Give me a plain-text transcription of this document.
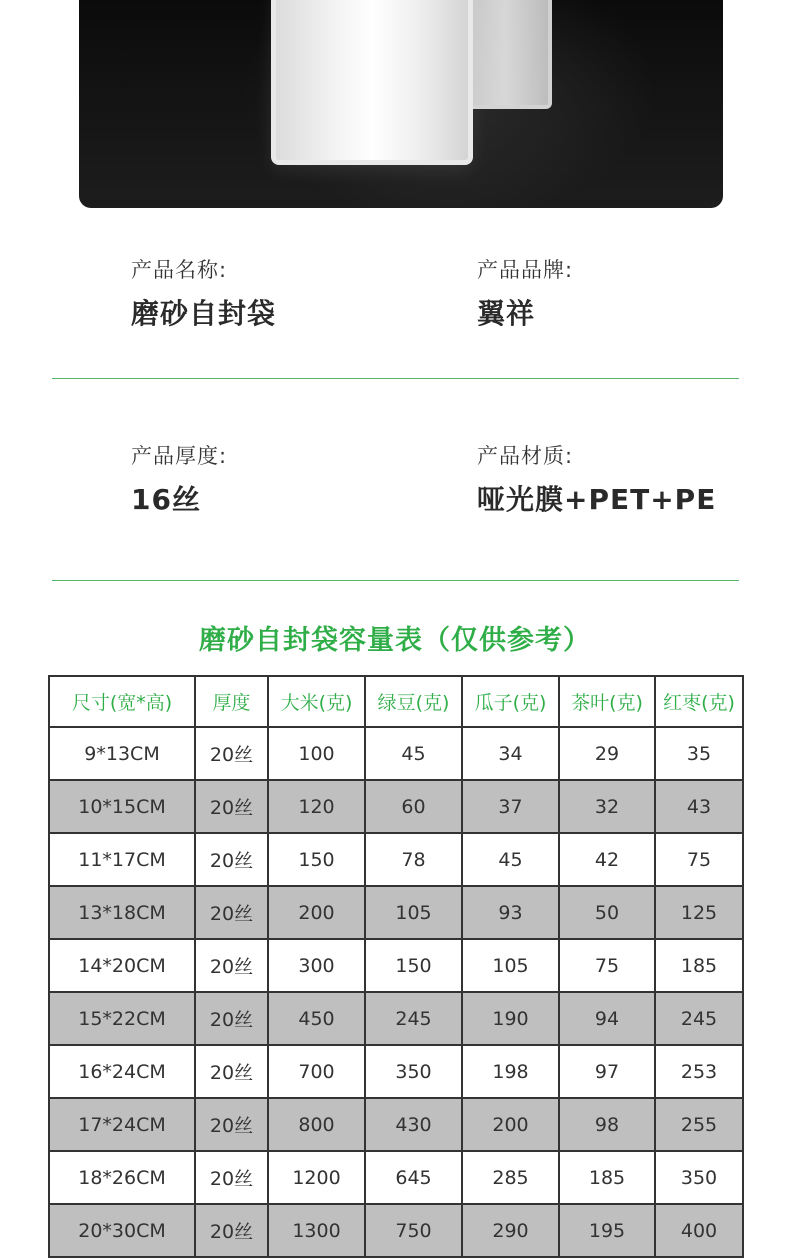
产品名称:
磨砂自封袋
产品品牌:
翼祥
产品厚度:
16丝
产品材质:
哑光膜+PET+PE
磨砂自封袋容量表（仅供参考）
尺寸(宽*高)	厚度	大米(克)	绿豆(克)	瓜子(克)	茶叶(克)	红枣(克)
9*13CM	20丝	100	45	34	29	35
10*15CM	20丝	120	60	37	32	43
11*17CM	20丝	150	78	45	42	75
13*18CM	20丝	200	105	93	50	125
14*20CM	20丝	300	150	105	75	185
15*22CM	20丝	450	245	190	94	245
16*24CM	20丝	700	350	198	97	253
17*24CM	20丝	800	430	200	98	255
18*26CM	20丝	1200	645	285	185	350
20*30CM	20丝	1300	750	290	195	400
